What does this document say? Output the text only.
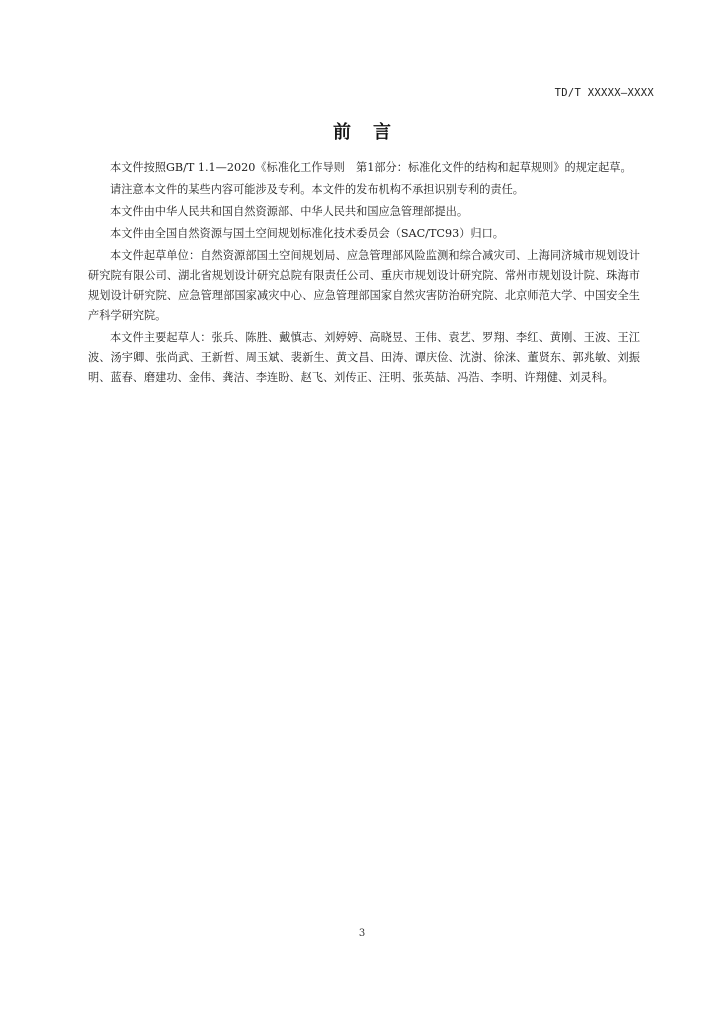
TD/T XXXXX—XXXX
前言

本文件按照GB/T 1.1—2020《标准化工作导则　第1部分：标准化文件的结构和起草规则》的规定起草。

请注意本文件的某些内容可能涉及专利。本文件的发布机构不承担识别专利的责任。

本文件由中华人民共和国自然资源部、中华人民共和国应急管理部提出。

本文件由全国自然资源与国土空间规划标准化技术委员会（SAC/TC93）归口。

本文件起草单位：自然资源部国土空间规划局、应急管理部风险监测和综合减灾司、上海同济城市规划设计研究院有限公司、湖北省规划设计研究总院有限责任公司、重庆市规划设计研究院、常州市规划设计院、珠海市规划设计研究院、应急管理部国家减灾中心、应急管理部国家自然灾害防治研究院、北京师范大学、中国安全生产科学研究院。

本文件主要起草人：张兵、陈胜、戴慎志、刘婷婷、高晓昱、王伟、袁艺、罗翔、李红、黄刚、王波、王江波、汤宇卿、张尚武、王新哲、周玉斌、裴新生、黄文昌、田涛、谭庆俭、沈澍、徐涞、董贤东、郭兆敏、刘振明、蓝春、磨建功、金伟、龚洁、李连盼、赵飞、刘传正、汪明、张英喆、冯浩、李明、许翔健、刘灵科。

3
